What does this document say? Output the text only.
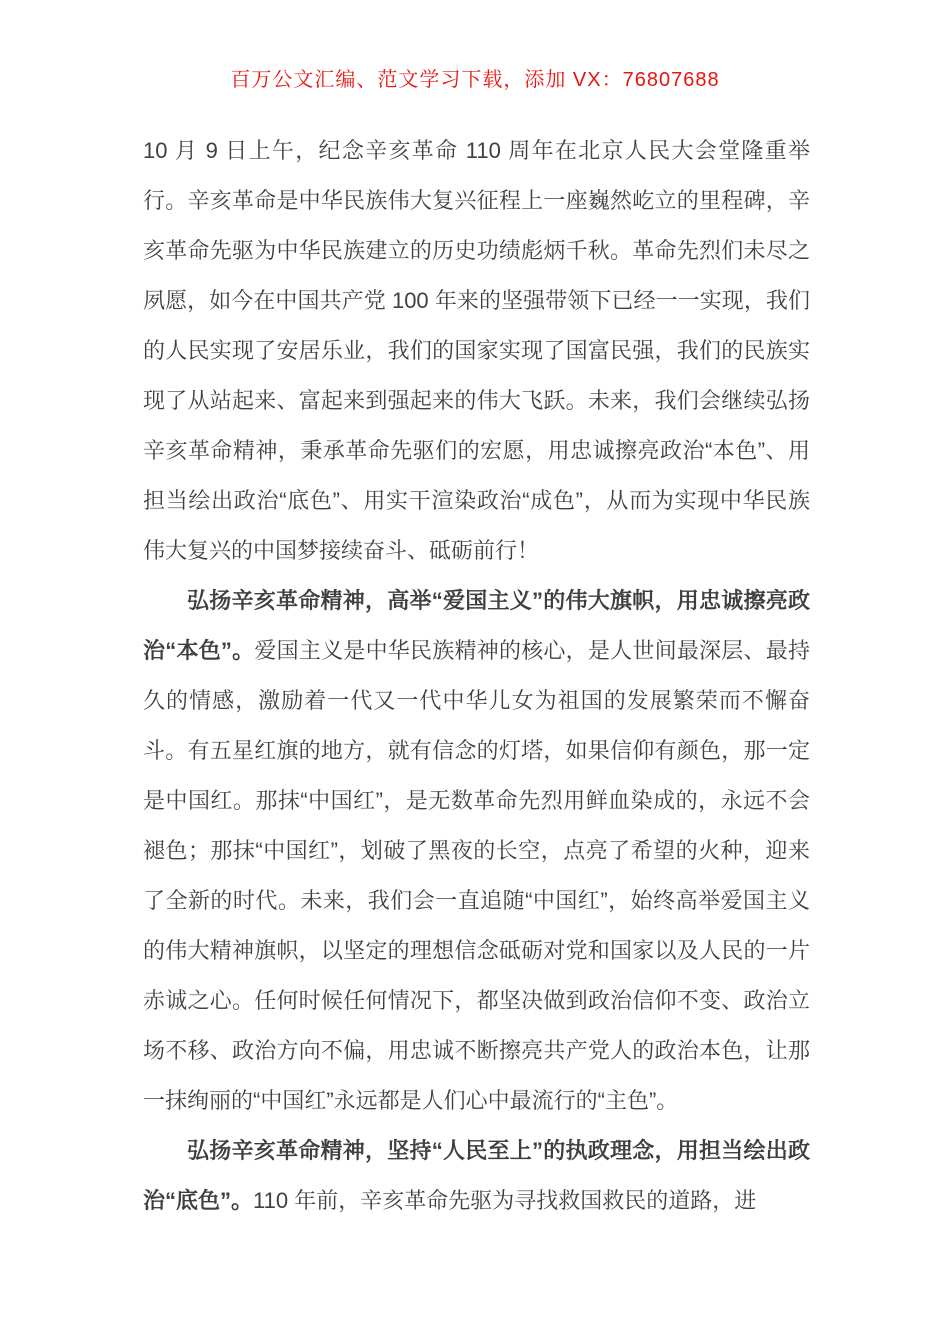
百万公文汇编、范文学习下载，添加 VX：76807688

10 月 9 日上午，纪念辛亥革命 110 周年在北京人民大会堂隆重举行。辛亥革命是中华民族伟大复兴征程上一座巍然屹立的里程碑，辛亥革命先驱为中华民族建立的历史功绩彪炳千秋。革命先烈们未尽之夙愿，如今在中国共产党 100 年来的坚强带领下已经一一实现，我们的人民实现了安居乐业，我们的国家实现了国富民强，我们的民族实现了从站起来、富起来到强起来的伟大飞跃。未来，我们会继续弘扬辛亥革命精神，秉承革命先驱们的宏愿，用忠诚擦亮政治“本色”、用担当绘出政治“底色”、用实干渲染政治“成色”，从而为实现中华民族伟大复兴的中国梦接续奋斗、砥砺前行！

弘扬辛亥革命精神，高举“爱国主义”的伟大旗帜，用忠诚擦亮政治“本色”。爱国主义是中华民族精神的核心，是人世间最深层、最持久的情感，激励着一代又一代中华儿女为祖国的发展繁荣而不懈奋斗。有五星红旗的地方，就有信念的灯塔，如果信仰有颜色，那一定是中国红。那抹“中国红”，是无数革命先烈用鲜血染成的，永远不会褪色；那抹“中国红”，划破了黑夜的长空，点亮了希望的火种，迎来了全新的时代。未来，我们会一直追随“中国红”，始终高举爱国主义的伟大精神旗帜，以坚定的理想信念砥砺对党和国家以及人民的一片赤诚之心。任何时候任何情况下，都坚决做到政治信仰不变、政治立场不移、政治方向不偏，用忠诚不断擦亮共产党人的政治本色，让那一抹绚丽的“中国红”永远都是人们心中最流行的“主色”。

弘扬辛亥革命精神，坚持“人民至上”的执政理念，用担当绘出政治“底色”。110 年前，辛亥革命先驱为寻找救国救民的道路，进
